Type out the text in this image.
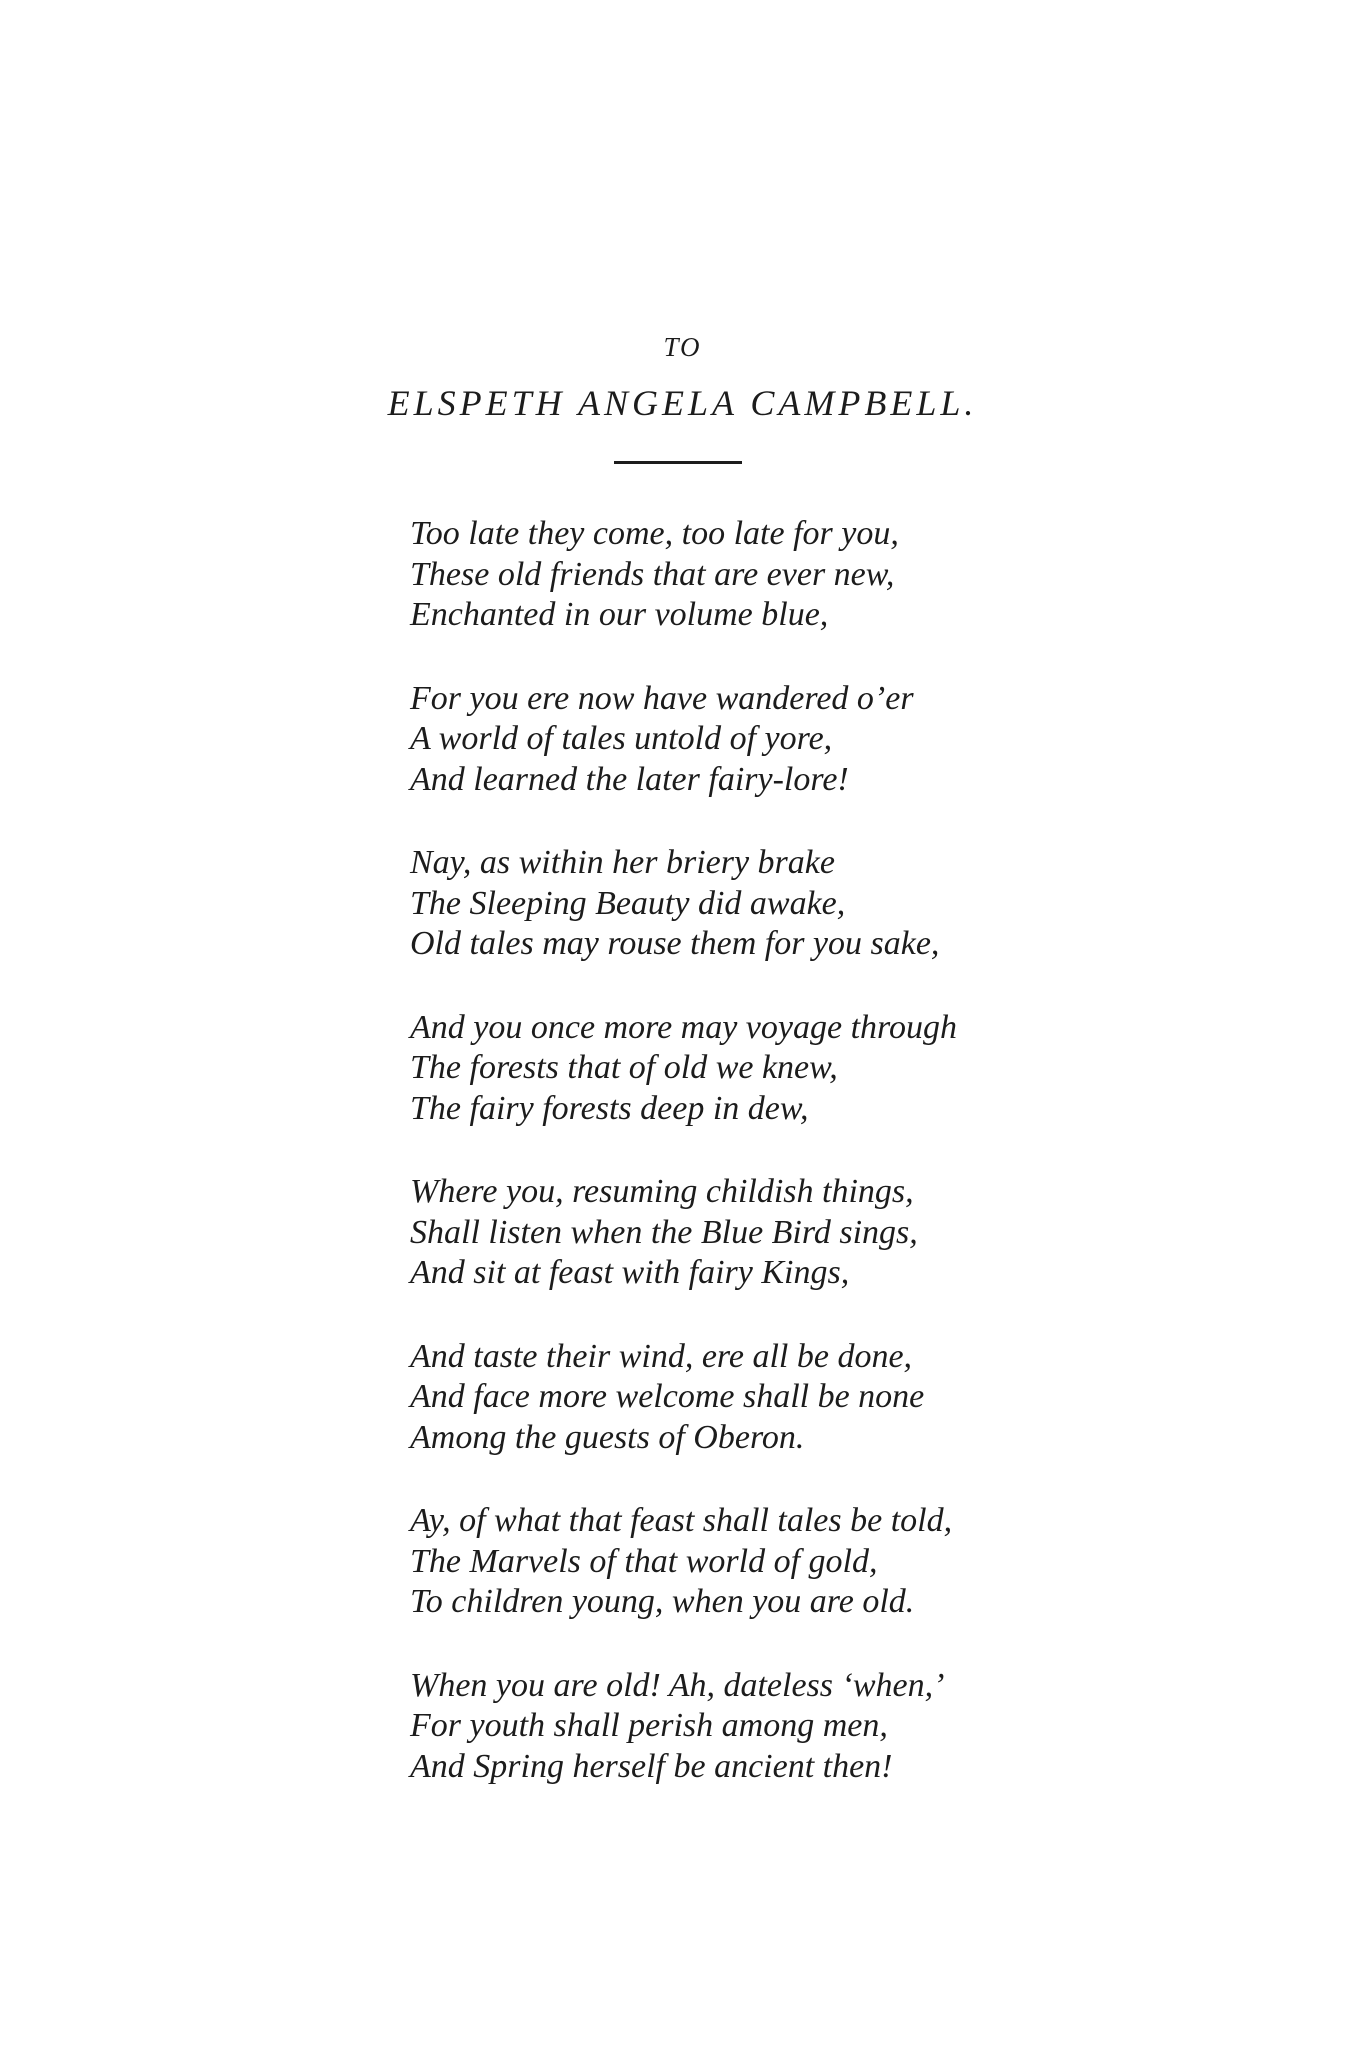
TO

ELSPETH ANGELA CAMPBELL.
Too late they come, too late for you,
These old friends that are ever new,
Enchanted in our volume blue,
For you ere now have wandered o’er
A world of tales untold of yore,
And learned the later fairy-lore!
Nay, as within her briery brake
The Sleeping Beauty did awake,
Old tales may rouse them for you sake,
And you once more may voyage through
The forests that of old we knew,
The fairy forests deep in dew,
Where you, resuming childish things,
Shall listen when the Blue Bird sings,
And sit at feast with fairy Kings,
And taste their wind, ere all be done,
And face more welcome shall be none
Among the guests of Oberon.
Ay, of what that feast shall tales be told,
The Marvels of that world of gold,
To children young, when you are old.
When you are old! Ah, dateless ‘when,’
For youth shall perish among men,
And Spring herself be ancient then!
